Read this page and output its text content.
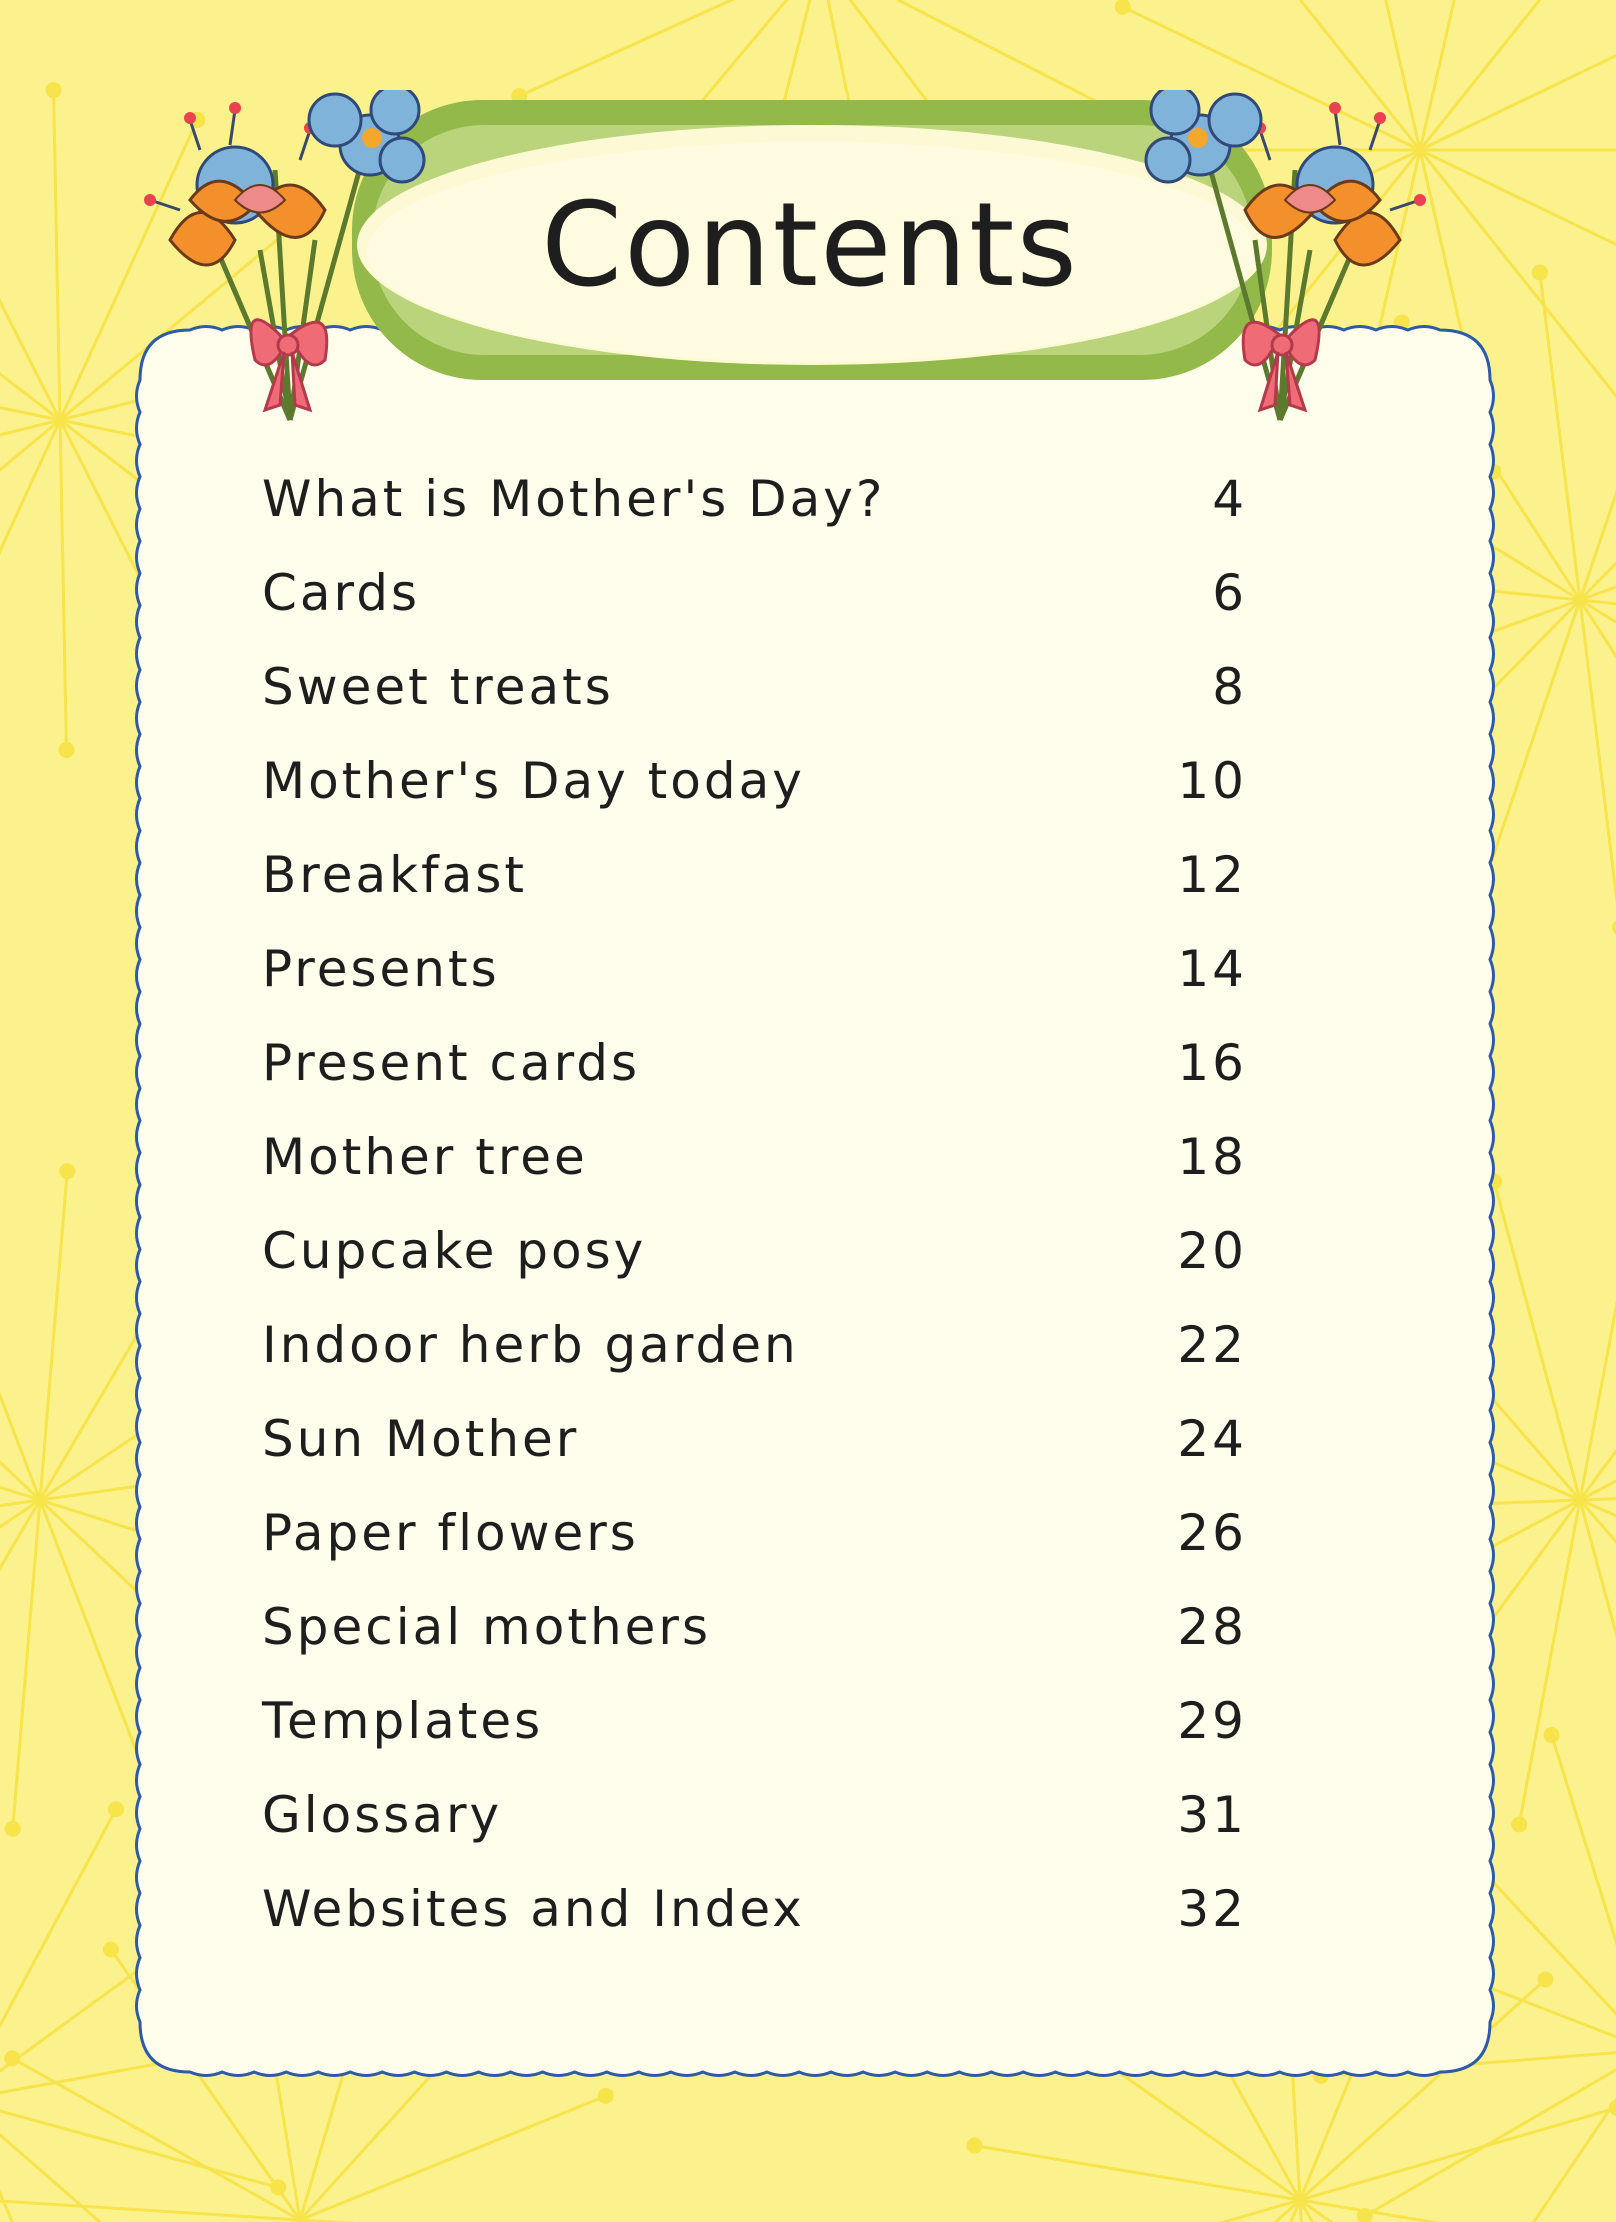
Contents
What is Mother's Day?	4
Cards	6
Sweet treats	8
Mother's Day today	10
Breakfast	12
Presents	14
Present cards	16
Mother tree	18
Cupcake posy	20
Indoor herb garden	22
Sun Mother	24
Paper flowers	26
Special mothers	28
Templates	29
Glossary	31
Websites and Index	32
